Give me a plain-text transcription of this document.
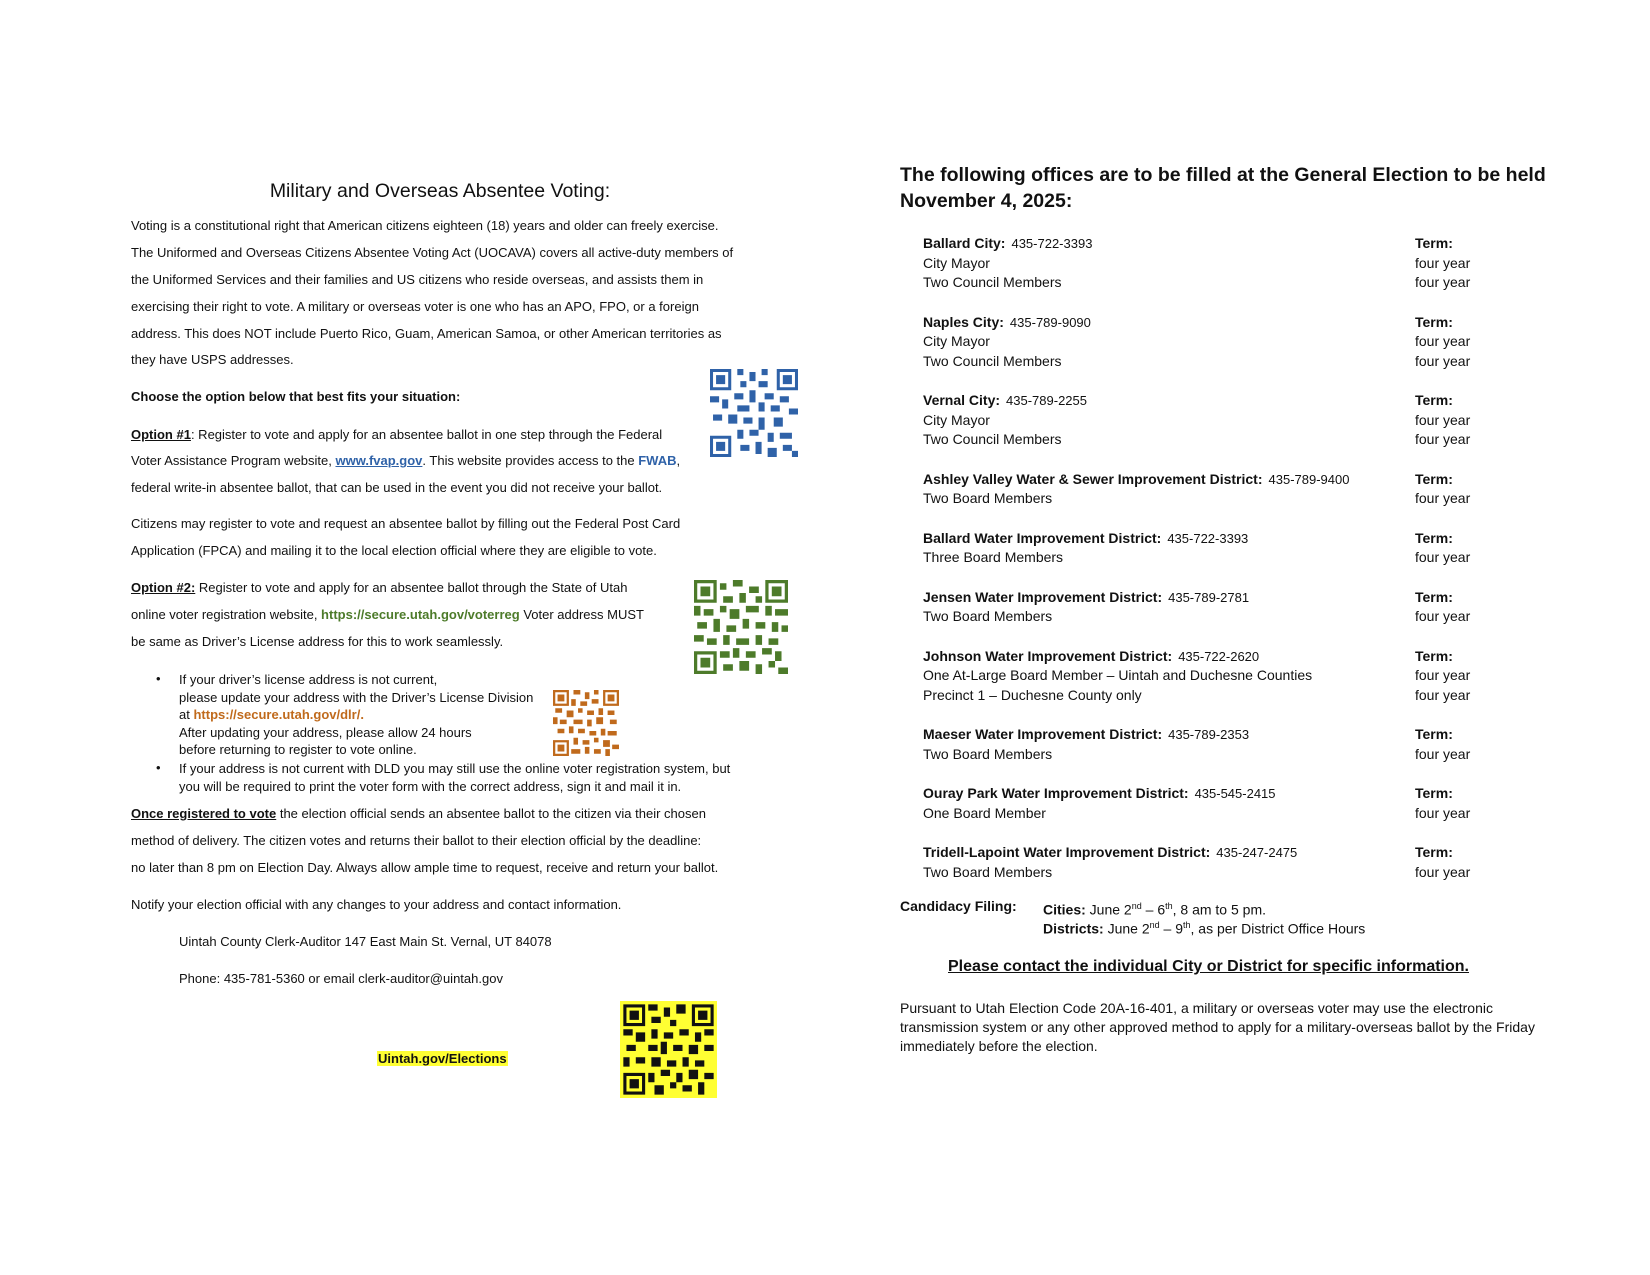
Military and Overseas Absentee Voting:
Voting is a constitutional right that American citizens eighteen (18) years and older can freely exercise.
The Uniformed and Overseas Citizens Absentee Voting Act (UOCAVA) covers all active-duty members of
the Uniformed Services and their families and US citizens who reside overseas, and assists them in
exercising their right to vote. A military or overseas voter is one who has an APO, FPO, or a foreign
address. This does NOT include Puerto Rico, Guam, American Samoa, or other American territories as
they have USPS addresses.
Choose the option below that best fits your situation:
Option #1: Register to vote and apply for an absentee ballot in one step through the Federal
Voter Assistance Program website, www.fvap.gov. This website provides access to the FWAB,
federal write-in absentee ballot, that can be used in the event you did not receive your ballot.
Citizens may register to vote and request an absentee ballot by filling out the Federal Post Card
Application (FPCA) and mailing it to the local election official where they are eligible to vote.
Option #2: Register to vote and apply for an absentee ballot through the State of Utah
online voter registration website, https://secure.utah.gov/voterreg Voter address MUST
be same as Driver’s License address for this to work seamlessly.
• If your driver’s license address is not current,
please update your address with the Driver’s License Division
at https://secure.utah.gov/dlr/.
After updating your address, please allow 24 hours
before returning to register to vote online.
• If your address is not current with DLD you may still use the online voter registration system, but
you will be required to print the voter form with the correct address, sign it and mail it in.
Once registered to vote the election official sends an absentee ballot to the citizen via their chosen
method of delivery. The citizen votes and returns their ballot to their election official by the deadline:
no later than 8 pm on Election Day. Always allow ample time to request, receive and return your ballot.
Notify your election official with any changes to your address and contact information.
Uintah County Clerk-Auditor 147 East Main St. Vernal, UT 84078
Phone: 435-781-5360 or email clerk-auditor@uintah.gov
Uintah.gov/Elections
The following offices are to be filled at the General Election to be held
November 4, 2025:
Ballard City: 435-722-3393	Term:
City Mayor	four year
Two Council Members	four year
Naples City: 435-789-9090	Term:
City Mayor	four year
Two Council Members	four year
Vernal City: 435-789-2255	Term:
City Mayor	four year
Two Council Members	four year
Ashley Valley Water & Sewer Improvement District: 435-789-9400	Term:
Two Board Members	four year
Ballard Water Improvement District: 435-722-3393	Term:
Three Board Members	four year
Jensen Water Improvement District: 435-789-2781	Term:
Two Board Members	four year
Johnson Water Improvement District: 435-722-2620	Term:
One At-Large Board Member – Uintah and Duchesne Counties	four year
Precinct 1 – Duchesne County only	four year
Maeser Water Improvement District: 435-789-2353	Term:
Two Board Members	four year
Ouray Park Water Improvement District: 435-545-2415	Term:
One Board Member	four year
Tridell-Lapoint Water Improvement District: 435-247-2475	Term:
Two Board Members	four year
Candidacy Filing: Cities: June 2nd – 6th, 8 am to 5 pm.
Districts: June 2nd – 9th, as per District Office Hours
Please contact the individual City or District for specific information.
Pursuant to Utah Election Code 20A-16-401, a military or overseas voter may use the electronic transmission system or any other approved method to apply for a military-overseas ballot by the Friday immediately before the election.
